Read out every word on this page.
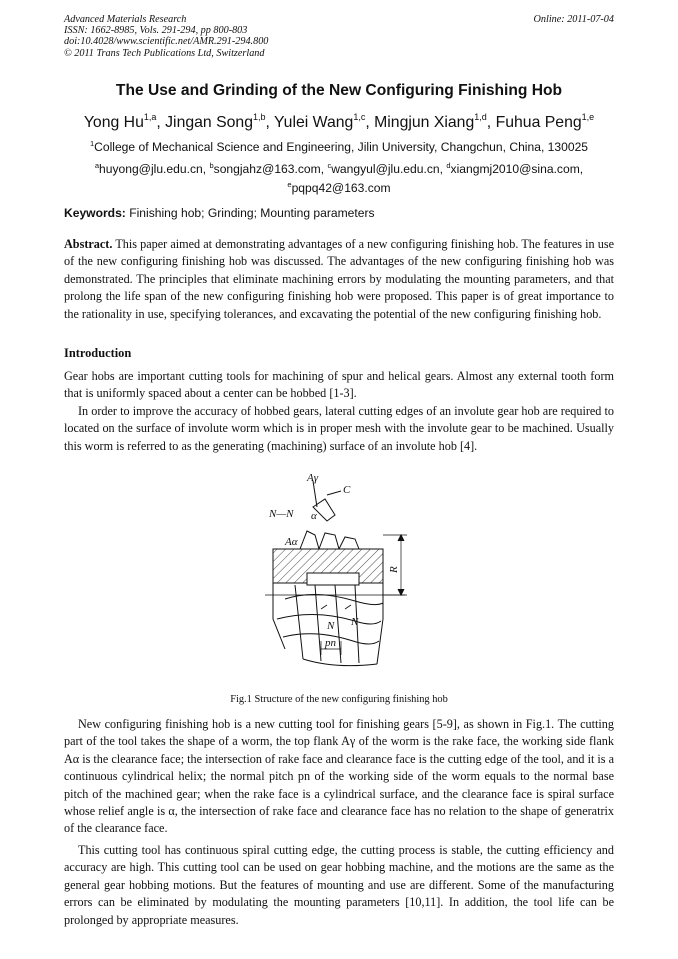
Advanced Materials Research
ISSN: 1662-8985, Vols. 291-294, pp 800-803
doi:10.4028/www.scientific.net/AMR.291-294.800
© 2011 Trans Tech Publications Ltd, Switzerland
Online: 2011-07-04
The Use and Grinding of the New Configuring Finishing Hob
Yong Hu$^{1,a}$, Jingan Song$^{1,b}$, Yulei Wang$^{1,c}$, Mingjun Xiang$^{1,d}$, Fuhua Peng$^{1,e}$
$^1$College of Mechanical Science and Engineering, Jilin University, Changchun, China, 130025
$^a$huyong@jlu.edu.cn, $^b$songjahz@163.com, $^c$wangyul@jlu.edu.cn, $^d$xiangmj2010@sina.com,
$^e$pqpq42@163.com
Keywords: Finishing hob; Grinding; Mounting parameters
Abstract. This paper aimed at demonstrating advantages of a new configuring finishing hob. The features in use of the new configuring finishing hob was discussed. The advantages of the new configuring finishing hob was demonstrated. The principles that eliminate machining errors by modulating the mounting parameters, and that prolong the life span of the new configuring finishing hob were proposed. This paper is of great importance to the rationality in use, specifying tolerances, and excavating the potential of the new configuring finishing hob.
Introduction
Gear hobs are important cutting tools for machining of spur and helical gears. Almost any external tooth form that is uniformly spaced about a center can be hobbed [1-3].
In order to improve the accuracy of hobbed gears, lateral cutting edges of an involute gear hob are required to located on the surface of involute worm which is in proper mesh with the involute gear to be machined. Usually this worm is referred to as the generating (machining) surface of an involute hob [4].
Aγ
C
N—N α
Aα
R
N N
pn
Fig.1 Structure of the new configuring finishing hob
New configuring finishing hob is a new cutting tool for finishing gears [5-9], as shown in Fig.1. The cutting part of the tool takes the shape of a worm, the top flank Aγ of the worm is the rake face, the working side flank Aα is the clearance face; the intersection of rake face and clearance face is the cutting edge of the tool, and it is a continuous cylindrical helix; the normal pitch pn of the working side of the worm equals to the normal base pitch of the machined gear; when the rake face is a cylindrical surface, and the clearance face is spiral surface whose relief angle is α, the intersection of rake face and clearance face has no relation to the shape of generatrix of the clearance face.
This cutting tool has continuous spiral cutting edge, the cutting process is stable, the cutting efficiency and accuracy are high. This cutting tool can be used on gear hobbing machine, and the motions are the same as the general gear hobbing motions. But the features of mounting and use are different. Some of the manufacturing errors can be eliminated by modulating the mounting parameters [10,11]. In addition, the tool life can be prolonged by appropriate measures.
